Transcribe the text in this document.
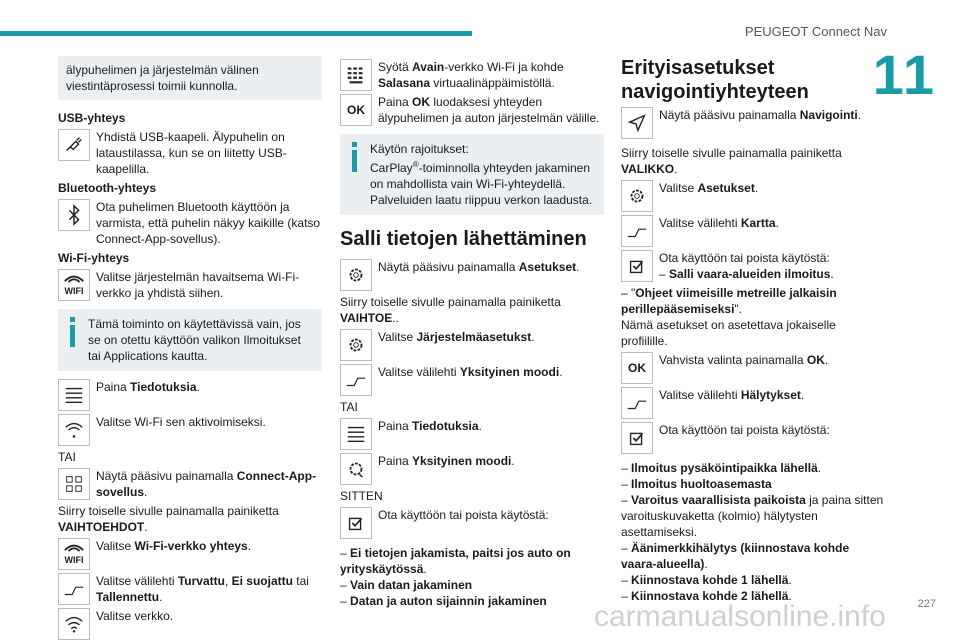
PEUGEOT Connect Nav
11

älypuhelimen ja järjestelmän välinen viestintäprosessi toimii kunnolla.

USB-yhteys

Yhdistä USB-kaapeli. Älypuhelin on lataustilassa, kun se on liitetty USB-kaapelilla.

Bluetooth-yhteys

Ota puhelimen Bluetooth käyttöön ja varmista, että puhelin näkyy kaikille (katso Connect-App-sovellus).

Wi-Fi-yhteys

WIFI

Valitse järjestelmän havaitsema Wi-Fi-verkko ja yhdistä siihen.

Tämä toiminto on käytettävissä vain, jos se on otettu käyttöön valikon Ilmoitukset tai Applications kautta.

Paina Tiedotuksia.

Valitse Wi-Fi sen aktivoimiseksi.

TAI

Näytä pääsivu painamalla Connect-App-sovellus.

Siirry toiselle sivulle painamalla painiketta VAIHTOEHDOT.

WIFI

Valitse Wi-Fi-verkko yhteys.

Valitse välilehti Turvattu, Ei suojattu tai Tallennettu.

Valitse verkko.

Syötä Avain-verkko Wi-Fi ja kohde Salasana virtuaalinäppäimistöllä.

OK

Paina OK luodaksesi yhteyden älypuhelimen ja auton järjestelmän välille.

Käytön rajoitukset:

CarPlay®-toiminnolla yhteyden jakaminen on mahdollista vain Wi-Fi-yhteydellä. Palveluiden laatu riippuu verkon laadusta.

Salli tietojen lähettäminen

Näytä pääsivu painamalla Asetukset.

Siirry toiselle sivulle painamalla painiketta VAIHTOE..

Valitse Järjestelmäasetukst.

Valitse välilehti Yksityinen moodi.

TAI

Paina Tiedotuksia.

Paina Yksityinen moodi.

SITTEN

Ota käyttöön tai poista käytöstä:

– Ei tietojen jakamista, paitsi jos auto on yrityskäytössä.

– Vain datan jakaminen

– Datan ja auton sijainnin jakaminen

Erityisasetukset navigointiyhteyteen

Näytä pääsivu painamalla Navigointi.

Siirry toiselle sivulle painamalla painiketta VALIKKO.

Valitse Asetukset.

Valitse välilehti Kartta.

Ota käyttöön tai poista käytöstä:
– Salli vaara-alueiden ilmoitus.

– "Ohjeet viimeisille metreille jalkaisin perillepääsemiseksi".

Nämä asetukset on asetettava jokaiselle profiilille.

OK

Vahvista valinta painamalla OK.

Valitse välilehti Hälytykset.

Ota käyttöön tai poista käytöstä:

– Ilmoitus pysäköintipaikka lähellä.

– Ilmoitus huoltoasemasta

– Varoitus vaarallisista paikoista ja paina sitten varoituskuvaketta (kolmio) hälytysten asettamiseksi.

– Äänimerkkihälytys (kiinnostava kohde vaara-alueella).

– Kiinnostava kohde 1 lähellä.

– Kiinnostava kohde 2 lähellä.

227
carmanualsonline.info
